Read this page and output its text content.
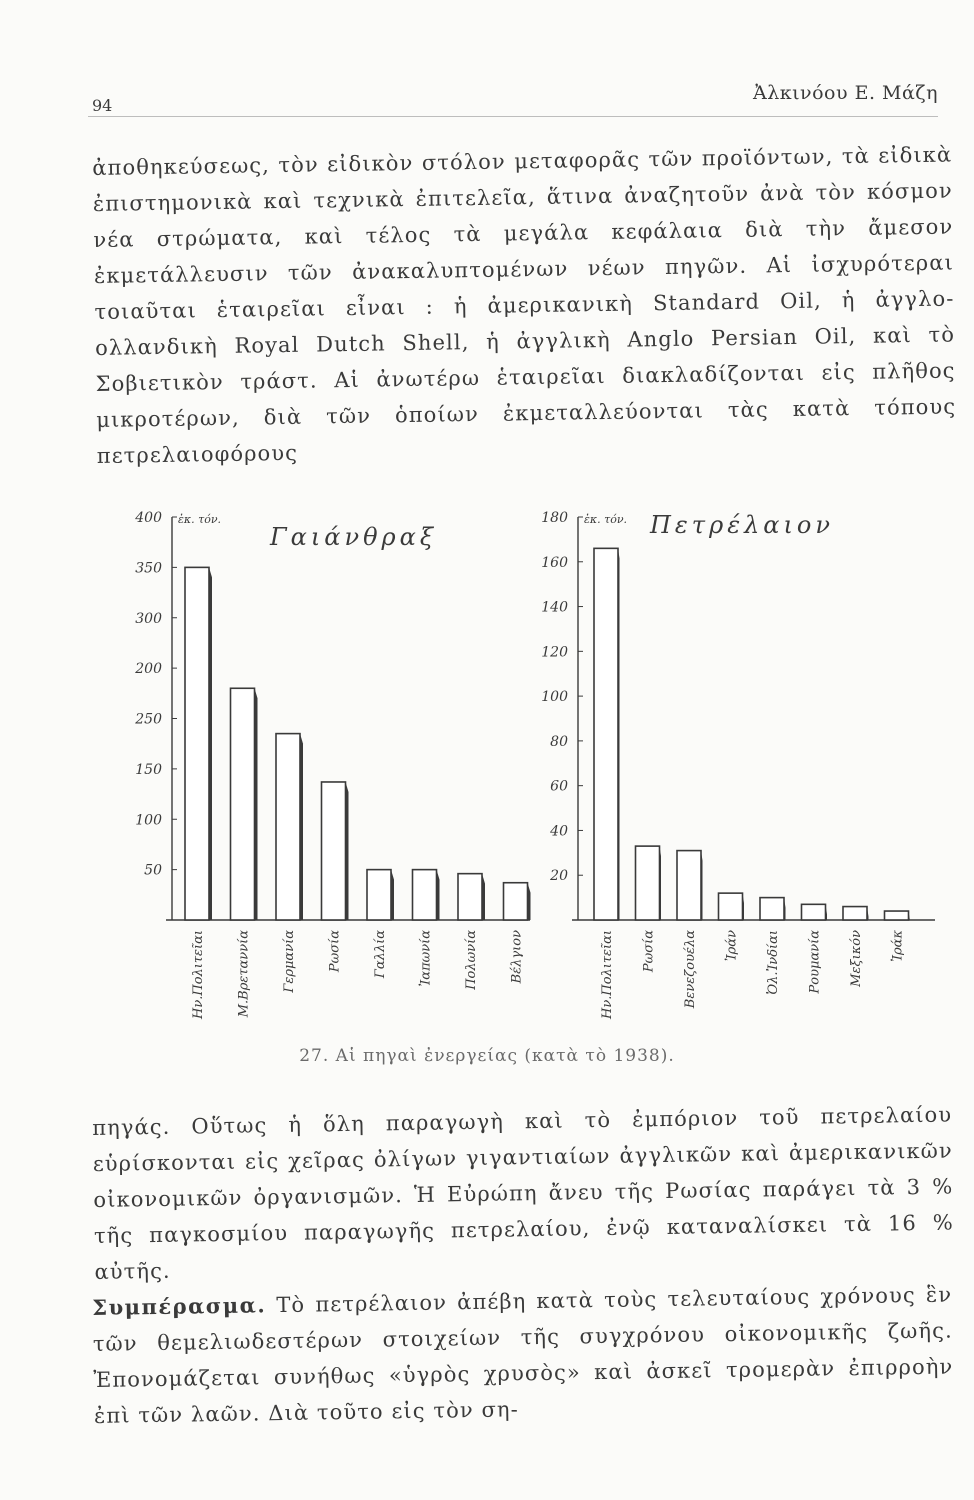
94
Ἀλκινόου Ε. Μάζη
ἀποθηκεύσεως, τὸν εἰδικὸν στόλον μεταφορᾶς τῶν προϊόντων, τὰ εἰδικὰ ἐπιστημονικὰ καὶ τεχνικὰ ἐπιτελεῖα, ἅτινα ἀναζητοῦν ἀνὰ τὸν κόσμον νέα στρώματα, καὶ τέλος τὰ μεγάλα κεφάλαια διὰ τὴν ἄμεσον ἐκμετάλλευσιν τῶν ἀνακαλυπτομένων νέων πηγῶν. Αἱ ἰσχυρότεραι τοιαῦται ἑταιρεῖαι εἶναι : ἡ ἀμερικανικὴ Standard Oil, ἡ ἀγγλο-ολλανδικὴ Royal Dutch Shell, ἡ ἀγγλικὴ Anglo Persian Oil, καὶ τὸ Σοβιετικὸν τράστ. Αἱ ἀνωτέρω ἑταιρεῖαι διακλαδίζονται εἰς πλῆθος μικροτέρων, διὰ τῶν ὁποίων ἐκμεταλλεύονται τὰς κατὰ τόπους πετρελαιοφόρους
50
100
150
250
200
300
350
400 ἑκ. τόν.
Γαιάνθραξ
Ην.Πολιτεῖαι Μ.Βρεταννία Γερμανία Ρωσία Γαλλία Ἰαπωνία Πολωνία Βέλγιον
20
40
60
80
100
120
140
160
180 ἑκ. τόν. Πετρέλαιον
Ην.Πολιτεῖαι Ρωσία Βενεζουέλα Ἰράν Ὀλ.Ἰνδίαι Ρουμανία Μεξικόν Ἰράκ
27. Αἱ πηγαὶ ἐνεργείας (κατὰ τὸ 1938).
πηγάς. Οὕτως ἡ ὅλη παραγωγὴ καὶ τὸ ἐμπόριον τοῦ πετρελαίου εὑρίσκονται εἰς χεῖρας ὀλίγων γιγαντιαίων ἀγγλικῶν καὶ ἀμερικανικῶν οἰκονομικῶν ὀργανισμῶν. Ἡ Εὐρώπη ἄνευ τῆς Ρωσίας παράγει τὰ 3 % τῆς παγκοσμίου παραγωγῆς πετρελαίου, ἐνῷ καταναλίσκει τὰ 16 % αὐτῆς.
Συμπέρασμα. Τὸ πετρέλαιον ἀπέβη κατὰ τοὺς τελευταίους χρόνους ἓν τῶν θεμελιωδεστέρων στοιχείων τῆς συγχρόνου οἰκονομικῆς ζωῆς. Ἐπονομάζεται συνήθως «ὑγρὸς χρυσὸς» καὶ ἀσκεῖ τρομερὰν ἐπιρροὴν ἐπὶ τῶν λαῶν. Διὰ τοῦτο εἰς τὸν ση-
